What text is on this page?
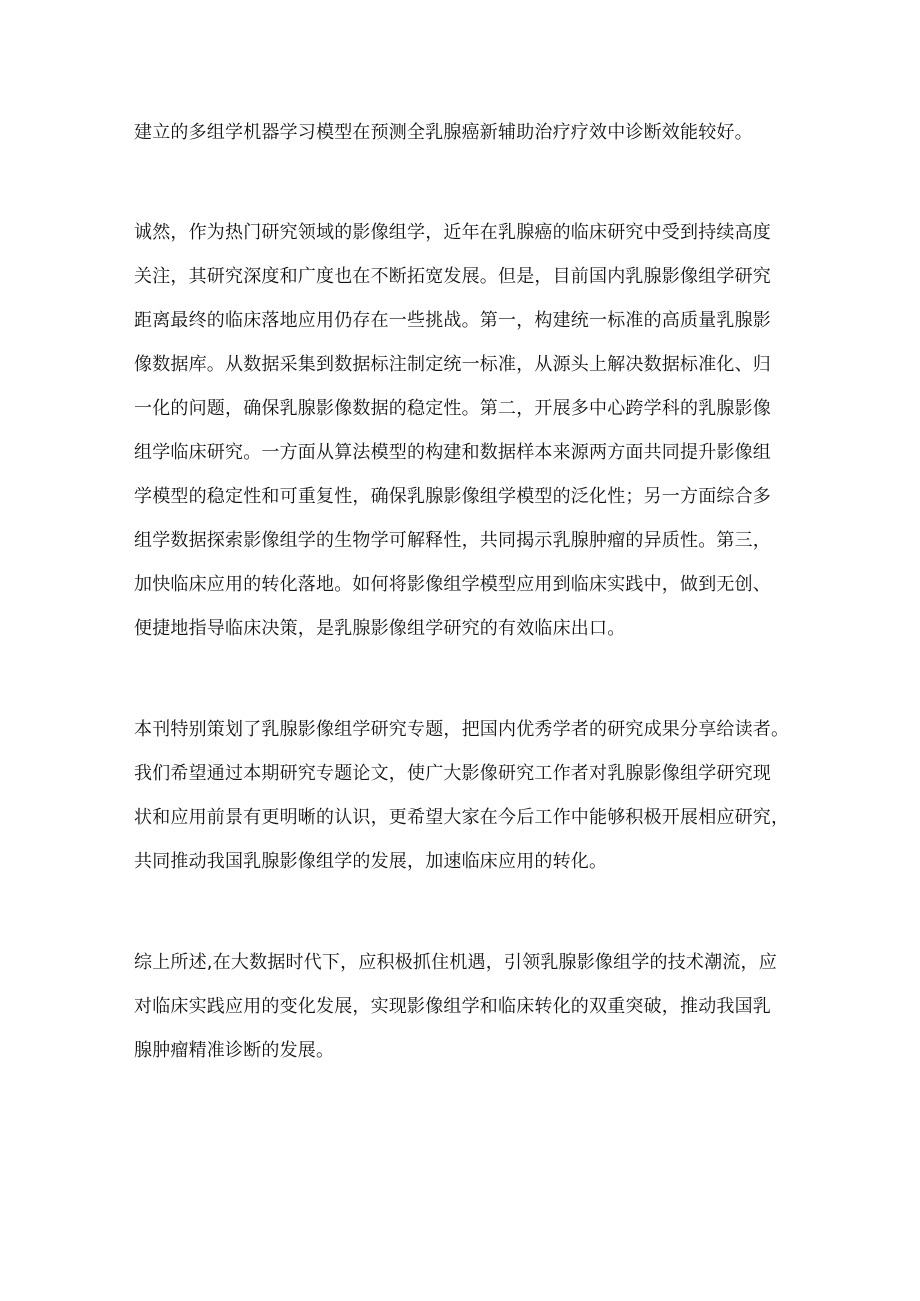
建立的多组学机器学习模型在预测全乳腺癌新辅助治疗疗效中诊断效能较好。
诚然，作为热门研究领域的影像组学，近年在乳腺癌的临床研究中受到持续高度
关注，其研究深度和广度也在不断拓宽发展。但是，目前国内乳腺影像组学研究
距离最终的临床落地应用仍存在一些挑战。第一，构建统一标准的高质量乳腺影
像数据库。从数据采集到数据标注制定统一标准，从源头上解决数据标准化、归
一化的问题，确保乳腺影像数据的稳定性。第二，开展多中心跨学科的乳腺影像
组学临床研究。一方面从算法模型的构建和数据样本来源两方面共同提升影像组
学模型的稳定性和可重复性，确保乳腺影像组学模型的泛化性；另一方面综合多
组学数据探索影像组学的生物学可解释性，共同揭示乳腺肿瘤的异质性。第三，
加快临床应用的转化落地。如何将影像组学模型应用到临床实践中，做到无创、
便捷地指导临床决策，是乳腺影像组学研究的有效临床出口。
本刊特别策划了乳腺影像组学研究专题，把国内优秀学者的研究成果分享给读者。
我们希望通过本期研究专题论文，使广大影像研究工作者对乳腺影像组学研究现
状和应用前景有更明晰的认识，更希望大家在今后工作中能够积极开展相应研究，
共同推动我国乳腺影像组学的发展，加速临床应用的转化。
综上所述,在大数据时代下，应积极抓住机遇，引领乳腺影像组学的技术潮流，应
对临床实践应用的变化发展，实现影像组学和临床转化的双重突破，推动我国乳
腺肿瘤精准诊断的发展。
